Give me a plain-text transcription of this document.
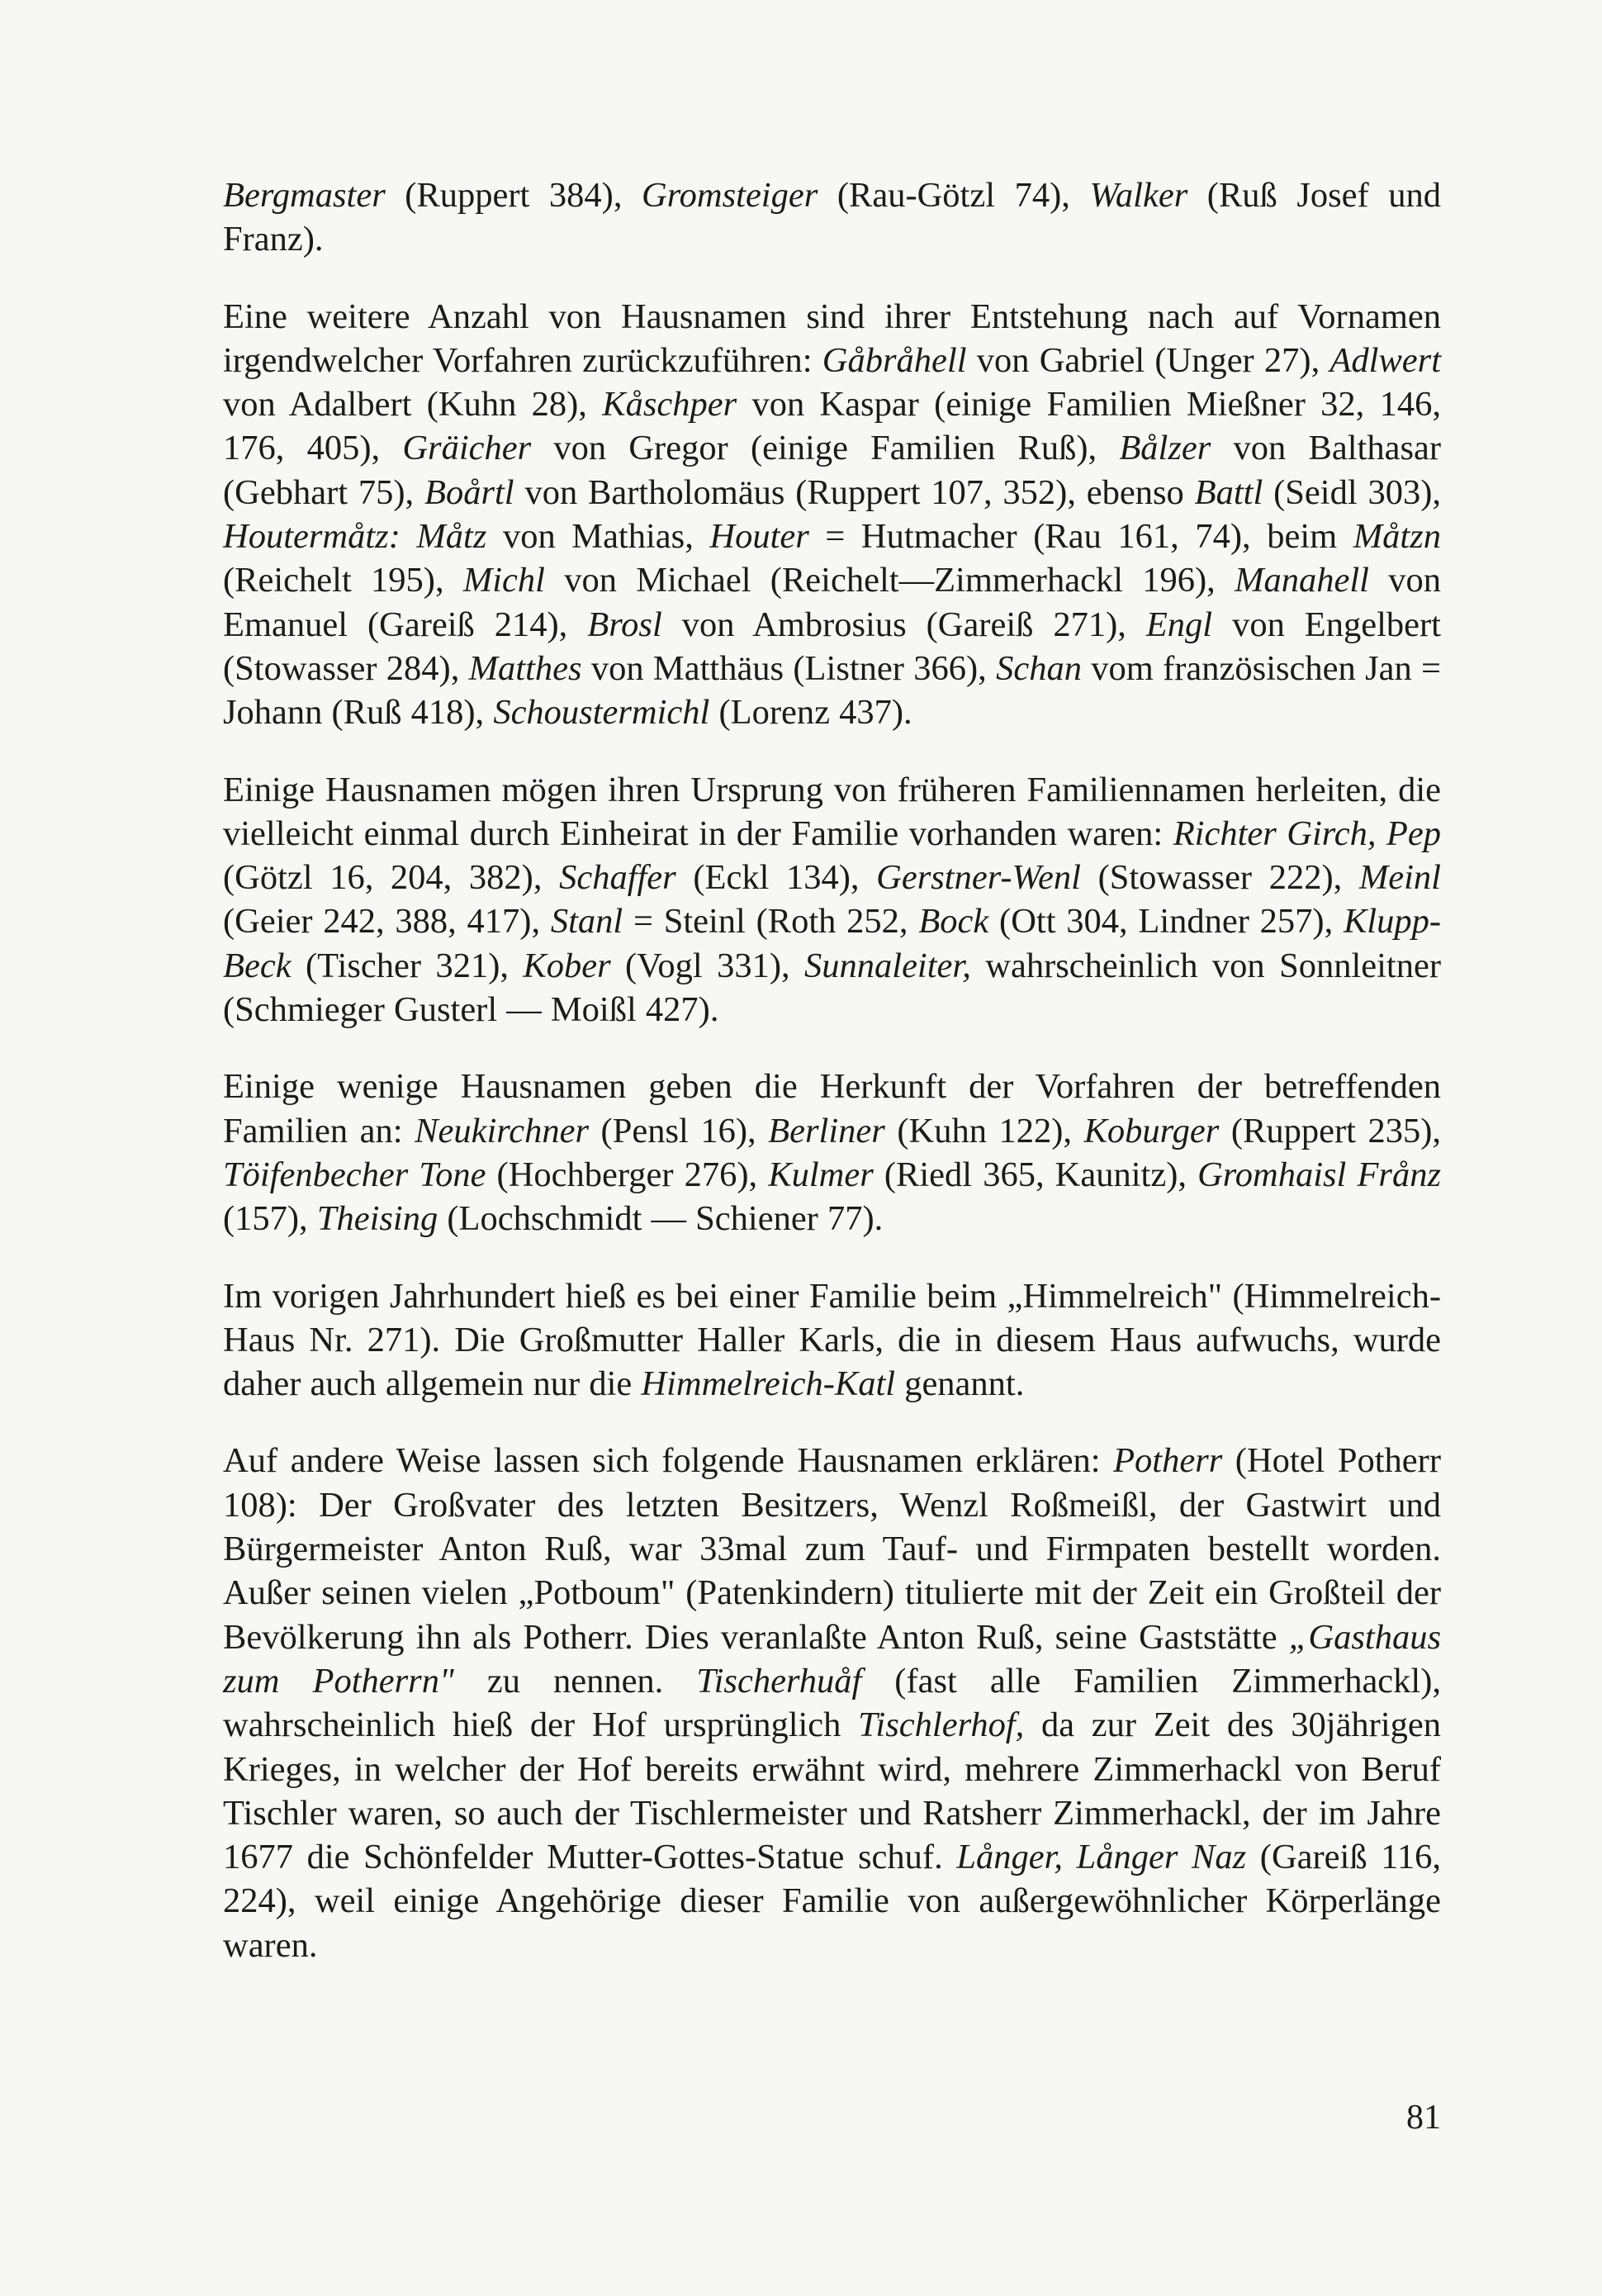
Bergmaster (Ruppert 384), Gromsteiger (Rau-Götzl 74), Walker (Ruß Josef und Franz).
Eine weitere Anzahl von Hausnamen sind ihrer Entstehung nach auf Vornamen irgendwelcher Vorfahren zurückzuführen: Gåbråhell von Gabriel (Unger 27), Adlwert von Adalbert (Kuhn 28), Kåschper von Kaspar (einige Familien Mießner 32, 146, 176, 405), Gräicher von Gregor (einige Familien Ruß), Bålzer von Balthasar (Gebhart 75), Boårtl von Bartholomäus (Ruppert 107, 352), ebenso Battl (Seidl 303), Houtermåtz: Måtz von Mathias, Houter = Hutmacher (Rau 161, 74), beim Måtzn (Reichelt 195), Michl von Michael (Reichelt—Zimmerhackl 196), Manahell von Emanuel (Gareiß 214), Brosl von Ambrosius (Gareiß 271), Engl von Engelbert (Stowasser 284), Matthes von Matthäus (Listner 366), Schan vom französischen Jan = Johann (Ruß 418), Schoustermichl (Lorenz 437).
Einige Hausnamen mögen ihren Ursprung von früheren Familiennamen herleiten, die vielleicht einmal durch Einheirat in der Familie vorhanden waren: Richter Girch, Pep (Götzl 16, 204, 382), Schaffer (Eckl 134), Gerstner-Wenl (Stowasser 222), Meinl (Geier 242, 388, 417), Stanl = Steinl (Roth 252, Bock (Ott 304, Lindner 257), Klupp-Beck (Tischer 321), Kober (Vogl 331), Sunnaleiter, wahrscheinlich von Sonnleitner (Schmieger Gusterl — Moißl 427).
Einige wenige Hausnamen geben die Herkunft der Vorfahren der betreffenden Familien an: Neukirchner (Pensl 16), Berliner (Kuhn 122), Koburger (Ruppert 235), Töifenbecher Tone (Hochberger 276), Kulmer (Riedl 365, Kaunitz), Gromhaisl Frånz (157), Theising (Lochschmidt — Schiener 77).
Im vorigen Jahrhundert hieß es bei einer Familie beim „Himmelreich" (Himmelreich-Haus Nr. 271). Die Großmutter Haller Karls, die in diesem Haus aufwuchs, wurde daher auch allgemein nur die Himmelreich-Katl genannt.
Auf andere Weise lassen sich folgende Hausnamen erklären: Potherr (Hotel Potherr 108): Der Großvater des letzten Besitzers, Wenzl Roßmeißl, der Gastwirt und Bürgermeister Anton Ruß, war 33mal zum Tauf- und Firmpaten bestellt worden. Außer seinen vielen „Potboum" (Patenkindern) titulierte mit der Zeit ein Großteil der Bevölkerung ihn als Potherr. Dies veranlaßte Anton Ruß, seine Gaststätte „Gasthaus zum Potherrn" zu nennen. Tischerhuåf (fast alle Familien Zimmerhackl), wahrscheinlich hieß der Hof ursprünglich Tischlerhof, da zur Zeit des 30jährigen Krieges, in welcher der Hof bereits erwähnt wird, mehrere Zimmerhackl von Beruf Tischler waren, so auch der Tischlermeister und Ratsherr Zimmerhackl, der im Jahre 1677 die Schönfelder Mutter-Gottes-Statue schuf. Långer, Långer Naz (Gareiß 116, 224), weil einige Angehörige dieser Familie von außergewöhnlicher Körperlänge waren.
81
